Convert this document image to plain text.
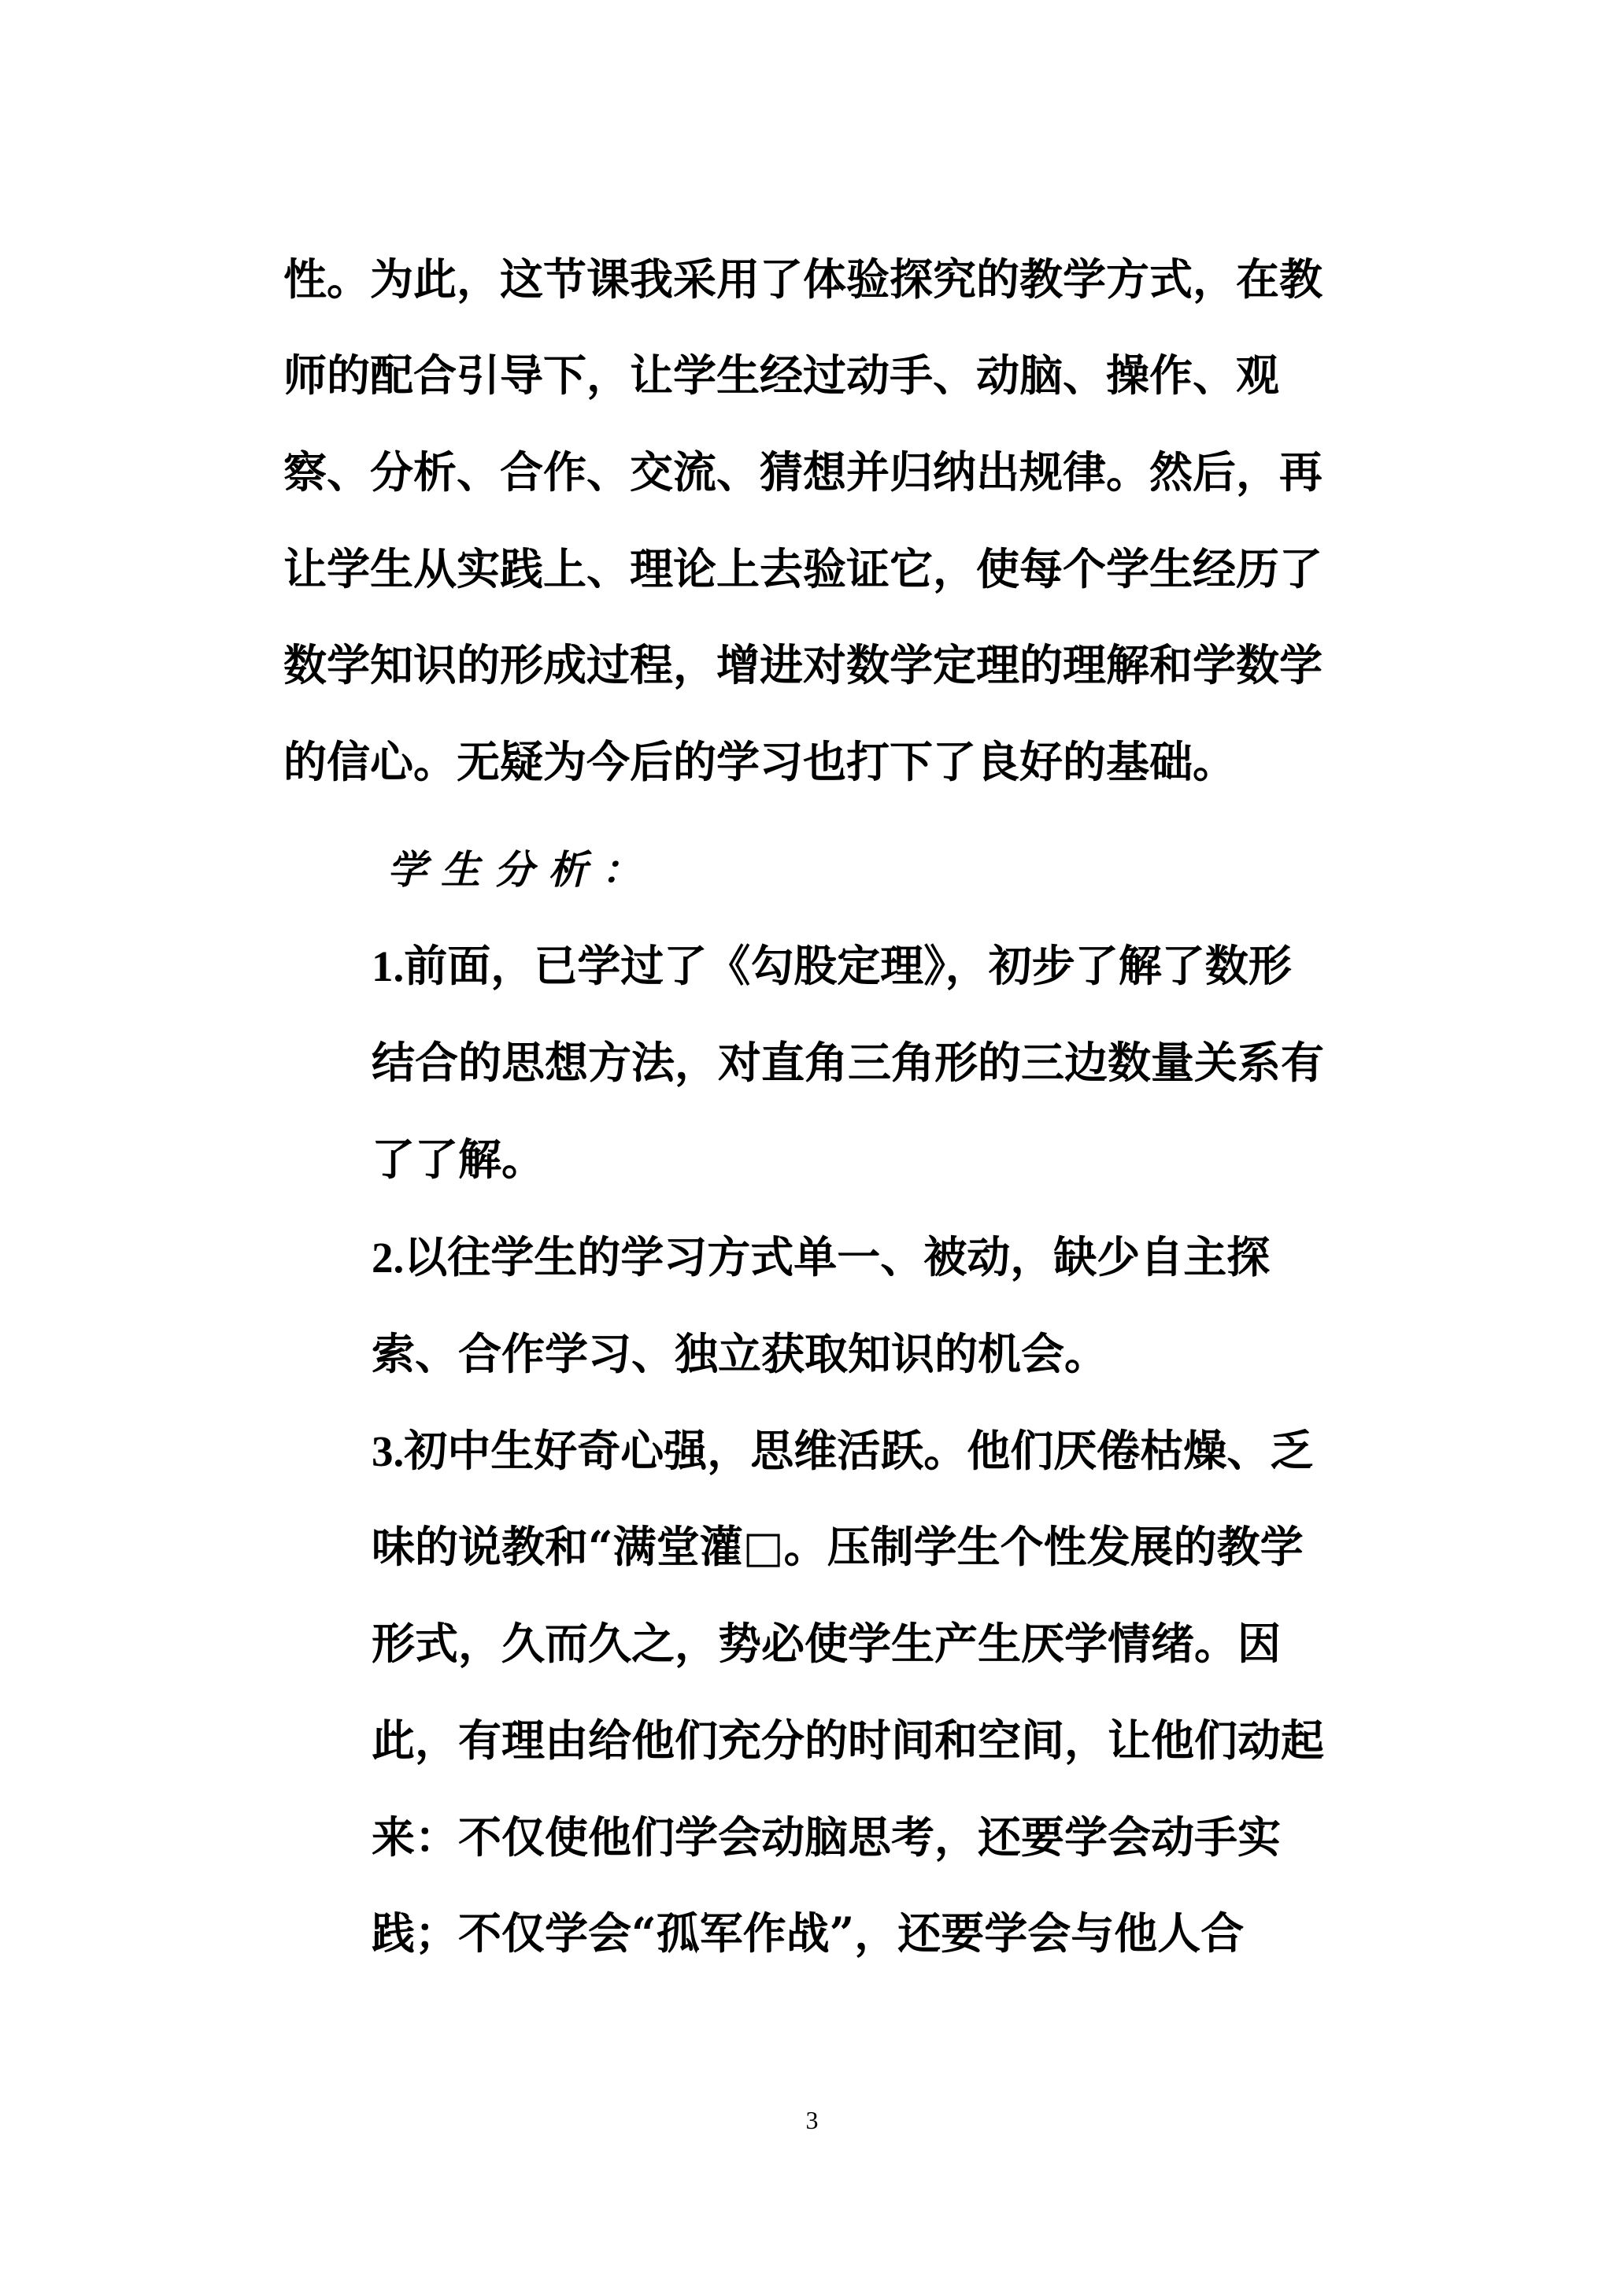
性。为此，这节课我采用了体验探究的教学方式，在教
师的配合引导下，让学生经过动手、动脑、操作、观
察、分析、合作、交流、猜想并归纳出规律。然后，再
让学生从实践上、理论上去验证它，使每个学生经历了
数学知识的形成过程，增进对数学定理的理解和学数学
的信心。无疑为今后的学习也打下了良好的基础。
学生分析：
1.前面，已学过了《勾股定理》，初步了解了数形
结合的思想方法，对直角三角形的三边数量关系有
了了解。
2.以往学生的学习方式单一、被动，缺少自主探
索、合作学习、独立获取知识的机会。
3.初中生好奇心强，思维活跃。他们厌倦枯燥、乏
味的说教和“满堂灌□。压制学生个性发展的教学
形式，久而久之，势必使学生产生厌学情绪。因
此，有理由给他们充分的时间和空间，让他们动起
来：不仅使他们学会动脑思考，还要学会动手实
践；不仅学会“孤军作战”，还要学会与他人合
3
